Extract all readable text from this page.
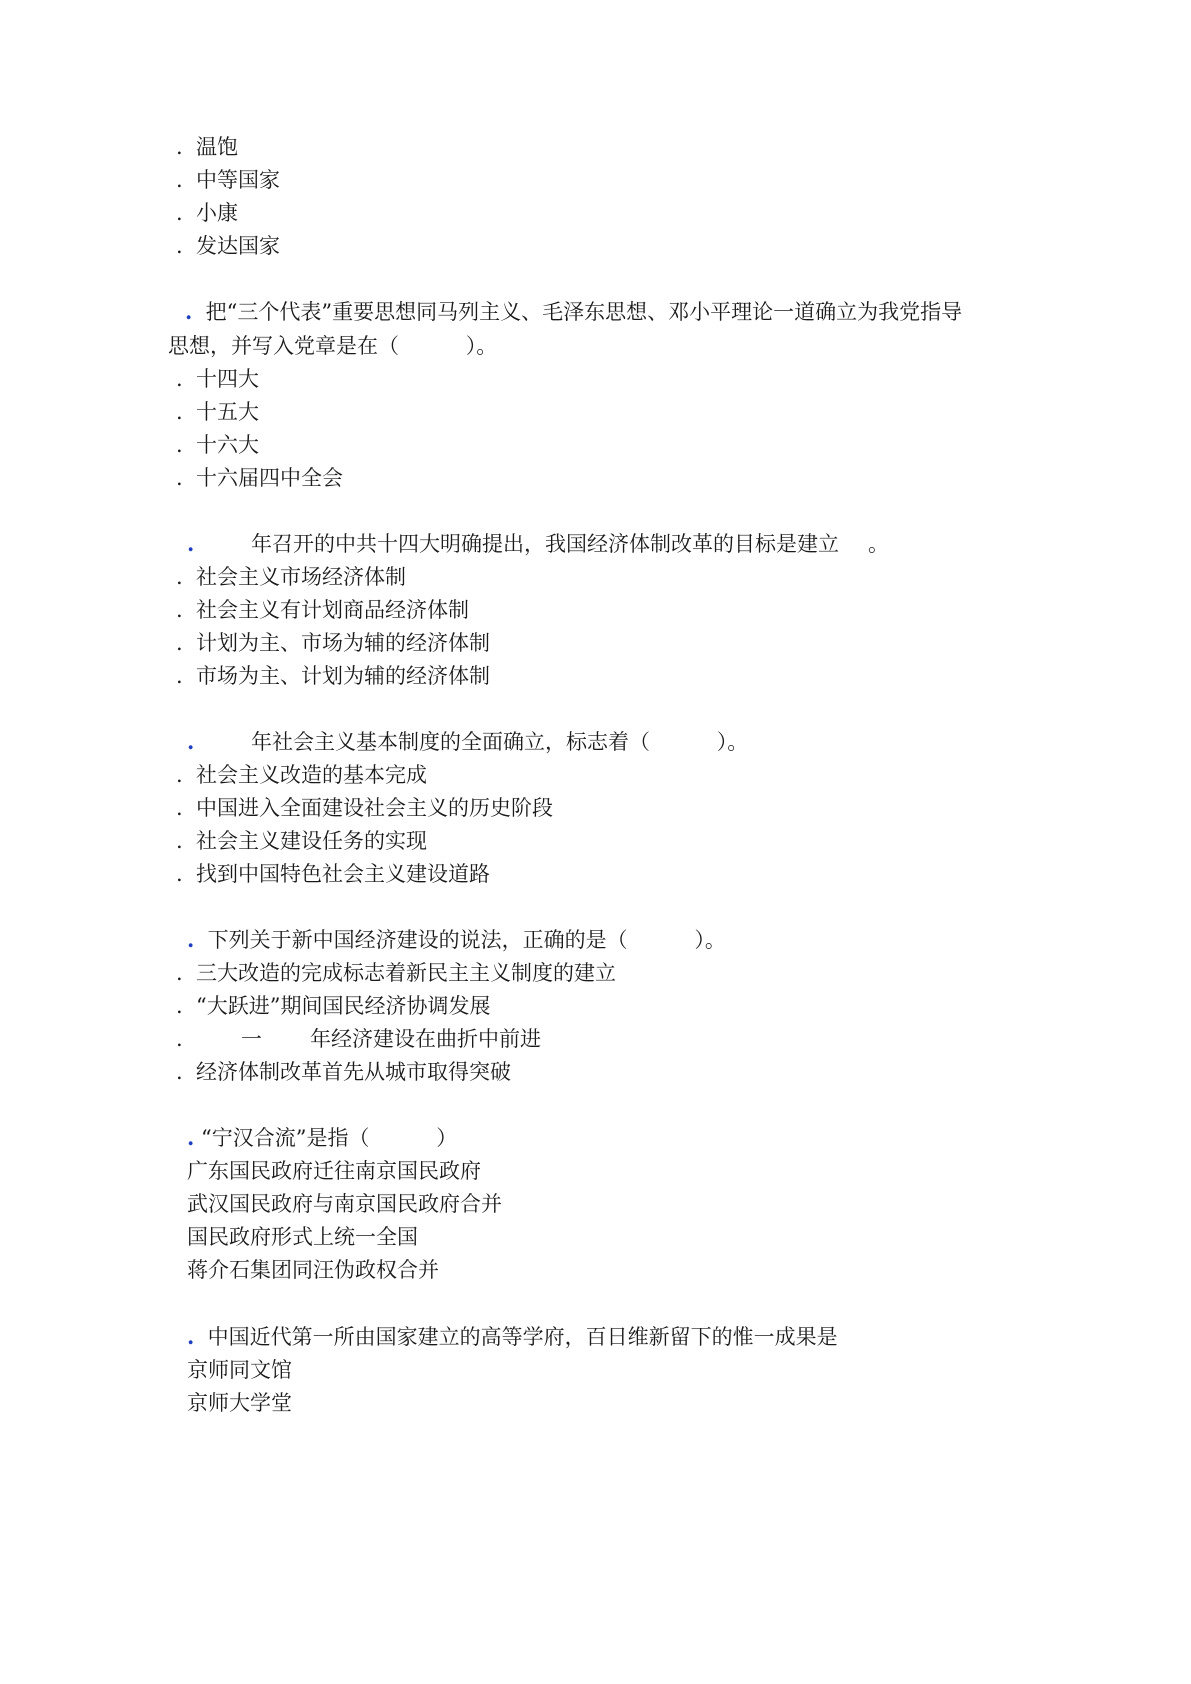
. 温饱
. 中等国家
. 小康
. 发达国家
. 把“三个代表”重要思想同马列主义、毛泽东思想、邓小平理论一道确立为我党指导
思想，并写入党章是在（          ）。
. 十四大
. 十五大
. 十六大
. 十六届四中全会
.	年召开的中共十四大明确提出，我国经济体制改革的目标是建立 。
. 社会主义市场经济体制
. 社会主义有计划商品经济体制
. 计划为主、市场为辅的经济体制
. 市场为主、计划为辅的经济体制
.	年社会主义基本制度的全面确立，标志着（          ）。
. 社会主义改造的基本完成
. 中国进入全面建设社会主义的历史阶段
. 社会主义建设任务的实现
. 找到中国特色社会主义建设道路
. 下列关于新中国经济建设的说法，正确的是（          ）。
. 三大改造的完成标志着新民主主义制度的建立
. “大跃进”期间国民经济协调发展
.	一 年经济建设在曲折中前进
. 经济体制改革首先从城市取得突破
. “宁汉合流”是指（          ）
广东国民政府迁往南京国民政府
武汉国民政府与南京国民政府合并
国民政府形式上统一全国
蒋介石集团同汪伪政权合并
. 中国近代第一所由国家建立的高等学府，百日维新留下的惟一成果是
京师同文馆
京师大学堂
